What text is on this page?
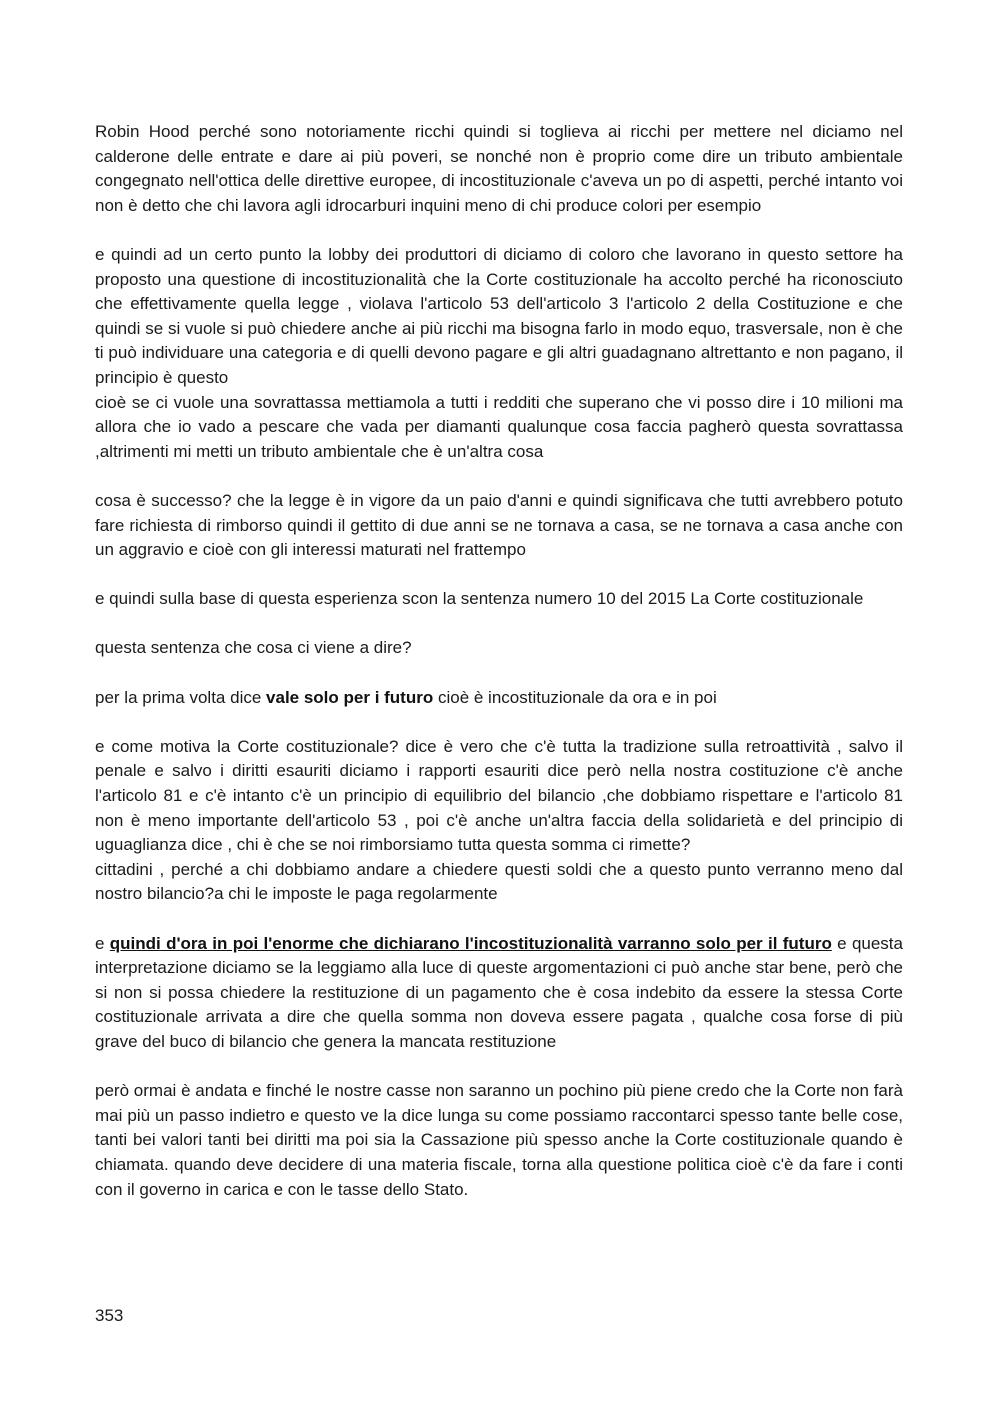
Robin Hood perché sono notoriamente ricchi quindi si toglieva ai ricchi per mettere nel diciamo nel calderone delle entrate e dare ai più poveri, se nonché non è proprio come dire un tributo ambientale congegnato nell'ottica delle direttive europee, di incostituzionale c'aveva un po di aspetti, perché intanto voi non è detto che chi lavora agli idrocarburi inquini meno di chi produce colori per esempio

e quindi ad un certo punto la lobby dei produttori di diciamo di coloro che lavorano in questo settore ha proposto una questione di incostituzionalità che la Corte costituzionale ha accolto perché ha riconosciuto che effettivamente quella legge , violava l'articolo 53 dell'articolo 3 l'articolo 2 della Costituzione e che quindi se si vuole si può chiedere anche ai più ricchi ma bisogna farlo in modo equo, trasversale, non è che ti può individuare una categoria e di quelli devono pagare e gli altri guadagnano altrettanto e non pagano, il principio è questo

cioè se ci vuole una sovrattassa mettiamola a tutti i redditi che superano che vi posso dire i 10 milioni ma allora che io vado a pescare che vada per diamanti qualunque cosa faccia pagherò questa sovrattassa ,altrimenti mi metti un tributo ambientale che è un'altra cosa

cosa è successo? che la legge è in vigore da un paio d'anni e quindi significava che tutti avrebbero potuto fare richiesta di rimborso quindi il gettito di due anni se ne tornava a casa, se ne tornava a casa anche con un aggravio e cioè con gli interessi maturati nel frattempo

e quindi sulla base di questa esperienza scon la sentenza numero 10 del 2015 La Corte costituzionale

questa sentenza che cosa ci viene a dire?

per la prima volta dice vale solo per i futuro cioè è incostituzionale da ora e in poi

e come motiva la Corte costituzionale? dice è vero che c'è tutta la tradizione sulla retroattività , salvo il penale e salvo i diritti esauriti diciamo i rapporti esauriti dice però nella nostra costituzione c'è anche l'articolo 81 e c'è intanto c'è un principio di equilibrio del bilancio ,che dobbiamo rispettare e l'articolo 81 non è meno importante dell'articolo 53 , poi c'è anche un'altra faccia della solidarietà e del principio di uguaglianza dice , chi è che se noi rimborsiamo tutta questa somma ci rimette?

cittadini , perché a chi dobbiamo andare a chiedere questi soldi che a questo punto verranno meno dal nostro bilancio?a chi le imposte le paga regolarmente

e quindi d'ora in poi l'enorme che dichiarano l'incostituzionalità varranno solo per il futuro e questa interpretazione diciamo se la leggiamo alla luce di queste argomentazioni ci può anche star bene, però che si non si possa chiedere la restituzione di un pagamento che è cosa indebito da essere la stessa Corte costituzionale arrivata a dire che quella somma non doveva essere pagata , qualche cosa forse di più grave del buco di bilancio che genera la mancata restituzione

però ormai è andata e finché le nostre casse non saranno un pochino più piene credo che la Corte non farà mai più un passo indietro e questo ve la dice lunga su come possiamo raccontarci spesso tante belle cose, tanti bei valori tanti bei diritti ma poi sia la Cassazione più spesso anche la Corte costituzionale quando è chiamata. quando deve decidere di una materia fiscale, torna alla questione politica cioè c'è da fare i conti con il governo in carica e con le tasse dello Stato.

353
